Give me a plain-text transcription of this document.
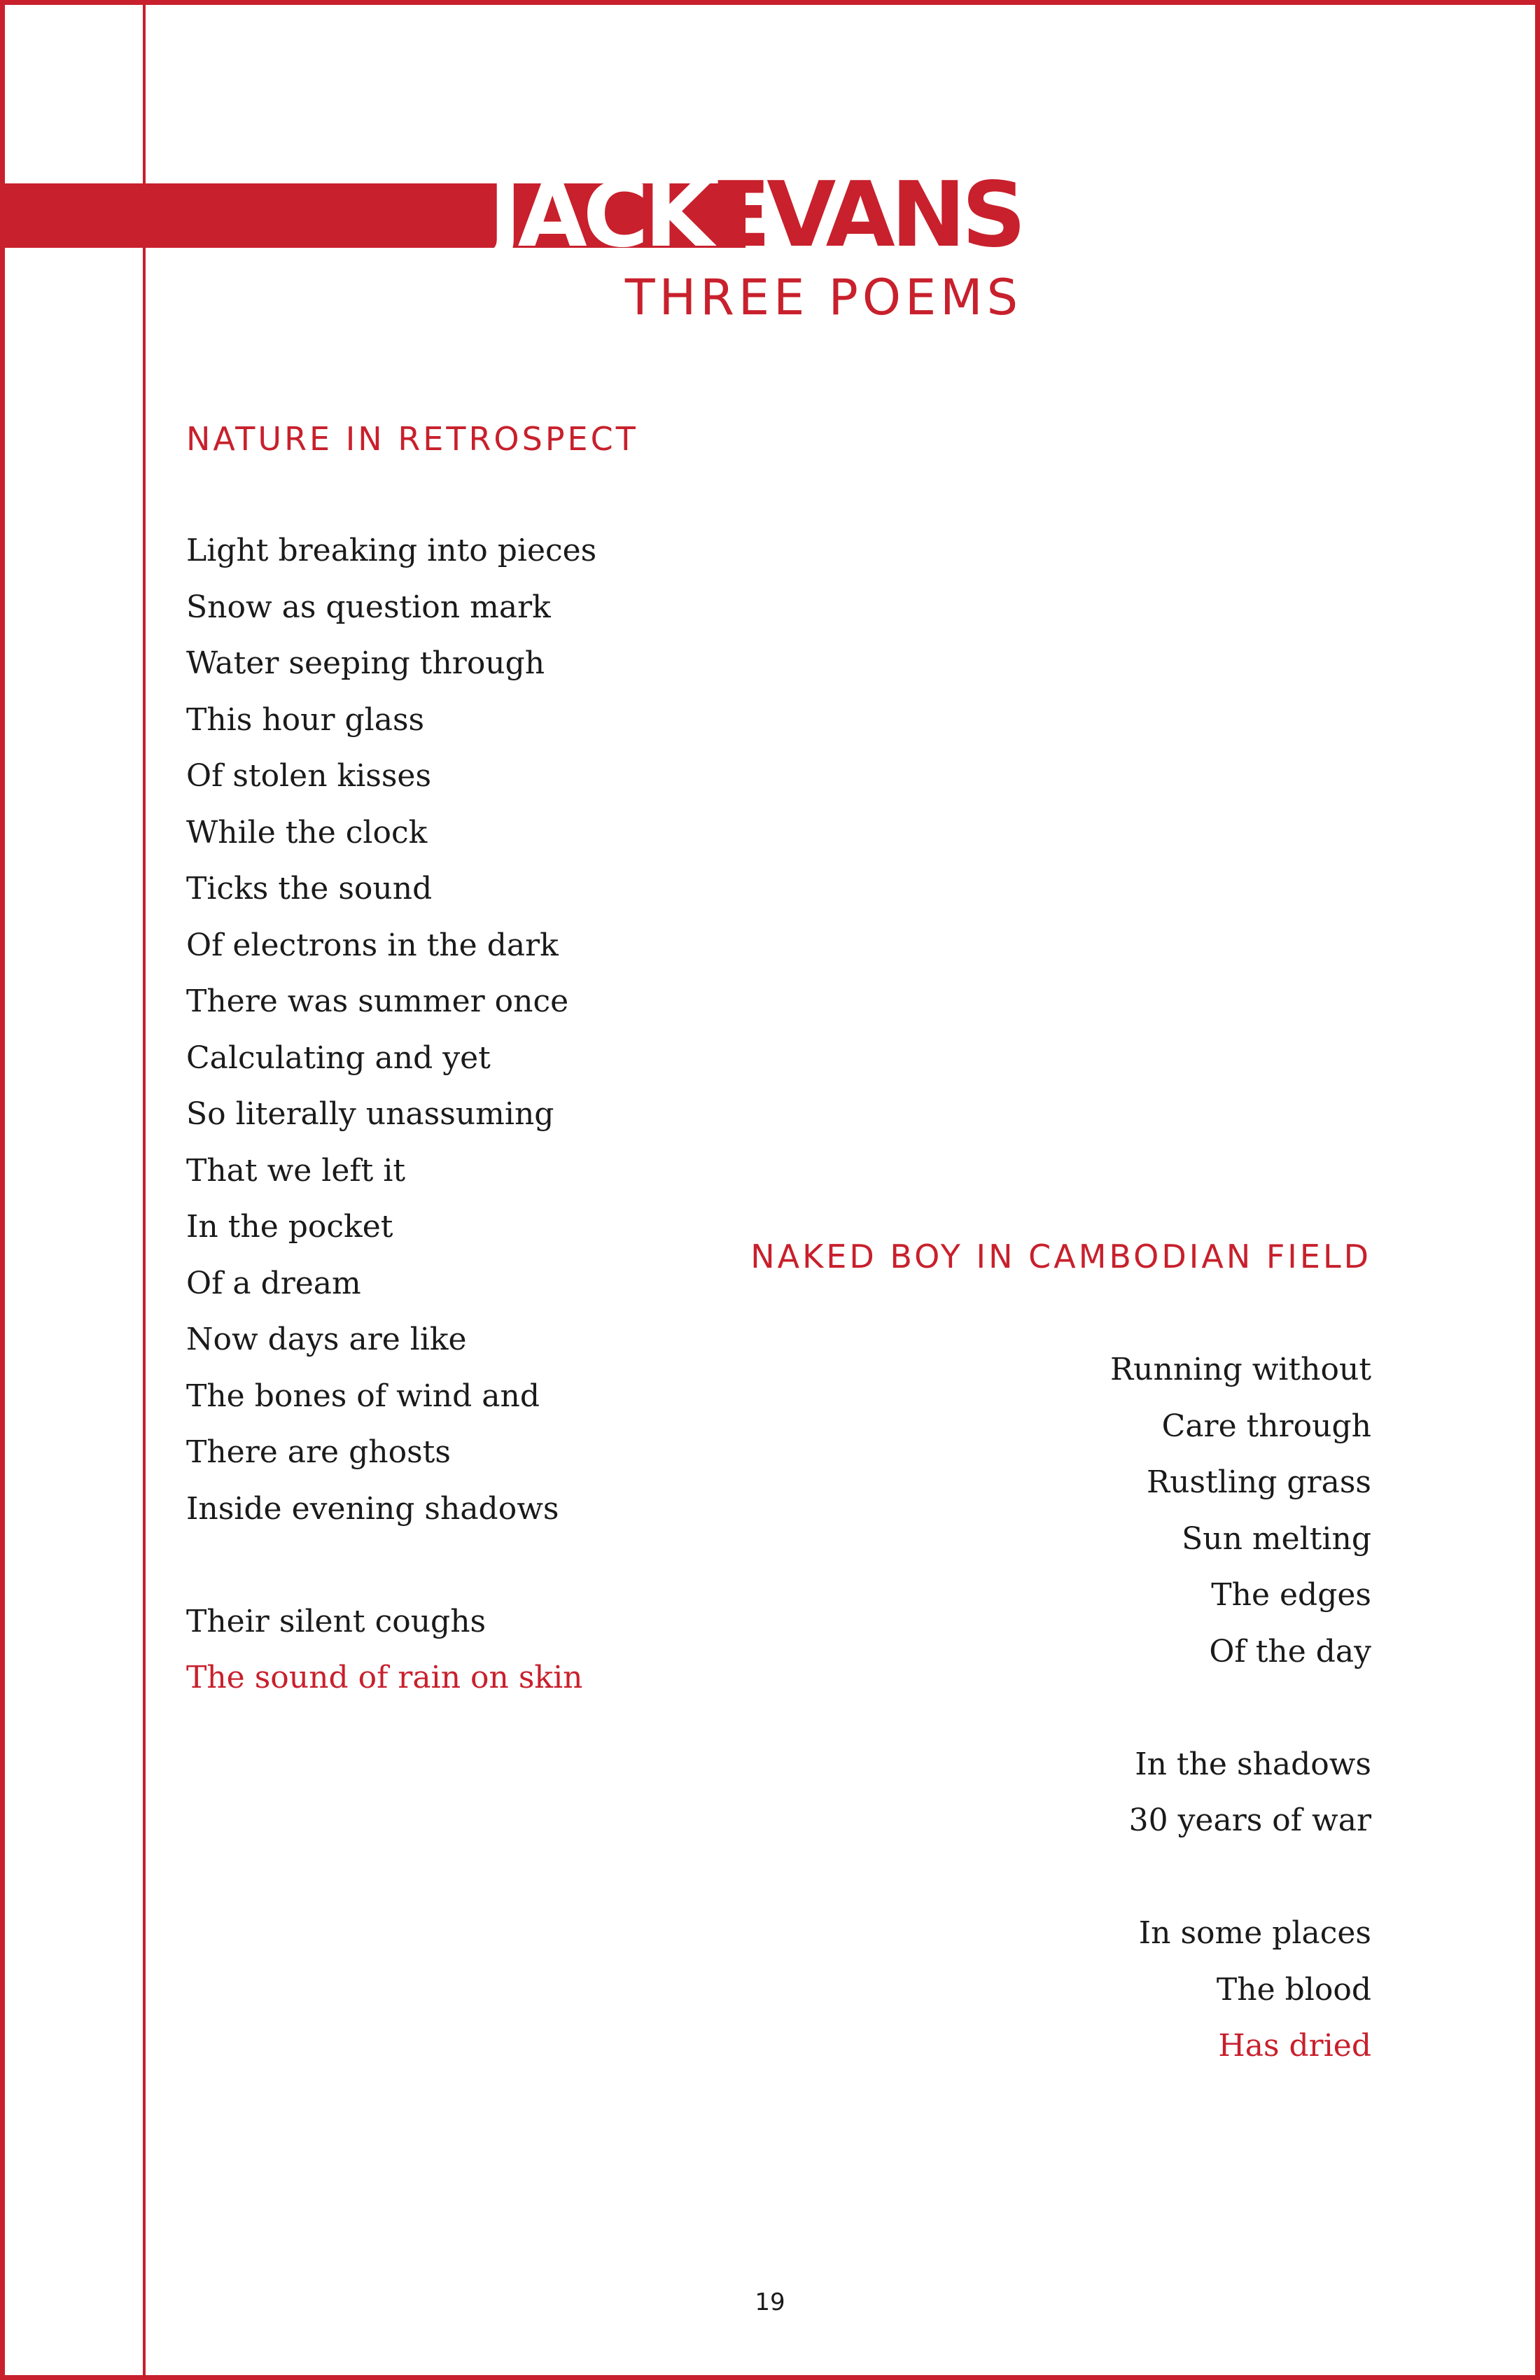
JACKEVANS
THREE POEMS
NATURE IN RETROSPECT
Light breaking into pieces
Snow as question mark
Water seeping through
This hour glass
Of stolen kisses
While the clock
Ticks the sound
Of electrons in the dark
There was summer once
Calculating and yet
So literally unassuming
That we left it
In the pocket
Of a dream
Now days are like
The bones of wind and
There are ghosts
Inside evening shadows
Their silent coughs
The sound of rain on skin
NAKED BOY IN CAMBODIAN FIELD
Running without
Care through
Rustling grass
Sun melting
The edges
Of the day
In the shadows
30 years of war
In some places
The blood
Has dried

19
